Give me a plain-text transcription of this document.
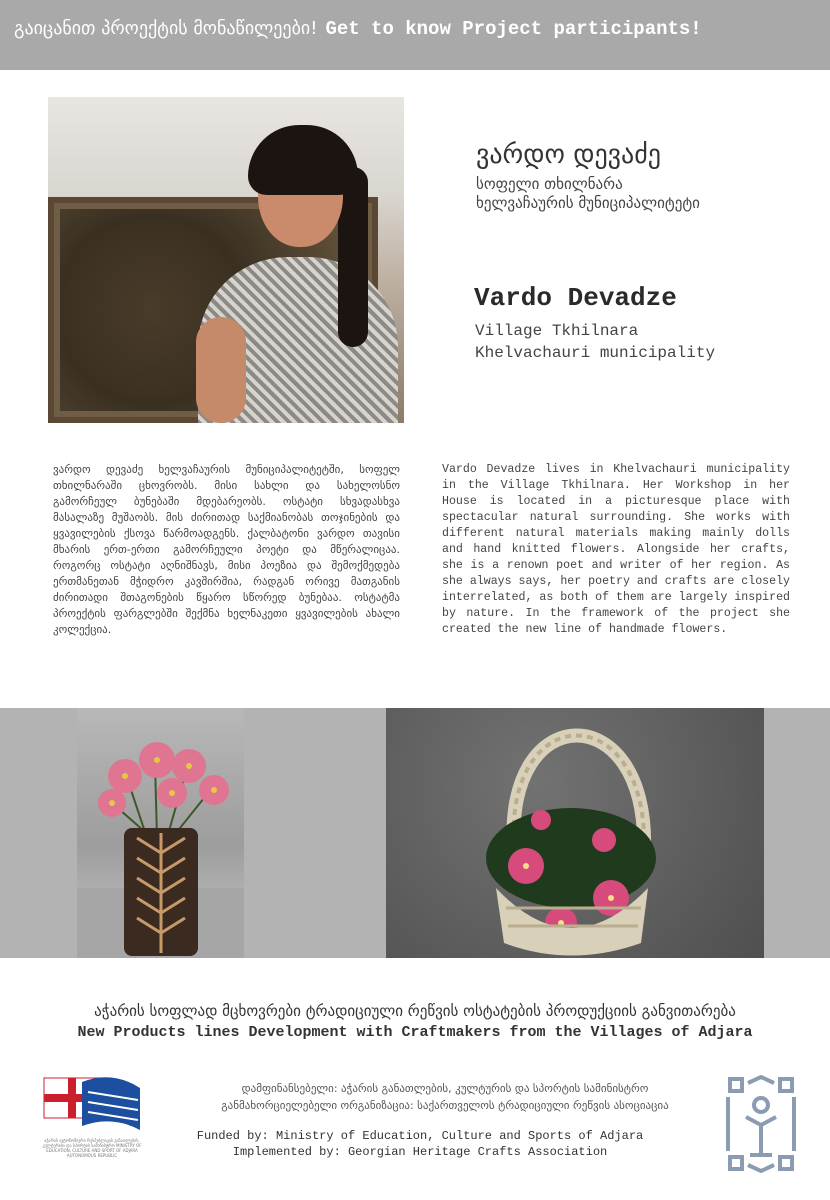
გაიცანით პროექტის მონაწილეები! Get to know Project participants!
ვარდო დევაძე
სოფელი თხილნარა
ხელვაჩაურის მუნიციპალიტეტი
Vardo Devadze
Village Tkhilnara
Khelvachauri municipality
ვარდო დევაძე ხელვაჩაურის მუნიციპალიტეტში, სოფელ თხილნარაში ცხოვრობს. მისი სახლი და სახელოსნო გამორჩეულ ბუნებაში მდებარეობს. ოსტატი სხვადასხვა მასალაზე მუშაობს. მის ძირითად საქმიანობას თოჯინების და ყვავილების ქსოვა წარმოადგენს. ქალბატონი ვარდო თავისი მხარის ერთ-ერთი გამორჩეული პოეტი და მწერალიცაა. როგორც ოსტატი აღნიშნავს, მისი პოეზია და შემოქმედება ერთმანეთან მჭიდრო კავშირშია, რადგან ორივე მათგანის ძირითადი შთაგონების წყარო სწორედ ბუნებაა. ოსტატმა პროექტის ფარგლებში შექმნა ხელნაკეთი ყვავილების ახალი კოლექცია.
Vardo Devadze lives in Khelvachauri municipality in the Village Tkhilnara. Her Workshop in her House is located in a picturesque place with spectacular natural surrounding. She works with different natural materials making mainly dolls and hand knitted flowers. Alongside her crafts, she is a renown poet and writer of her region. As she always says, her poetry and crafts are closely interrelated, as both of them are largely inspired by nature. In the framework of the project she created the new line of handmade flowers.
აჭარის სოფლად მცხოვრები ტრადიციული რეწვის ოსტატების პროდუქციის განვითარება
New Products lines Development with Craftmakers from the Villages of Adjara
აჭარის ავტონომიური რესპუბლიკის განათლების, კულტურისა და სპორტის სამინისტრო MINISTRY OF EDUCATION, CULTURE AND SPORT OF ADJARA AUTONOMOUS REPUBLIC
დამფინანსებელი: აჭარის განათლების, კულტურის და სპორტის სამინისტრო
განმახორციელებელი ორგანიზაცია: საქართველოს ტრადიციული რეწვის ასოციაცია
Funded by: Ministry of Education, Culture and Sports of Adjara
Implemented by: Georgian Heritage Crafts Association
